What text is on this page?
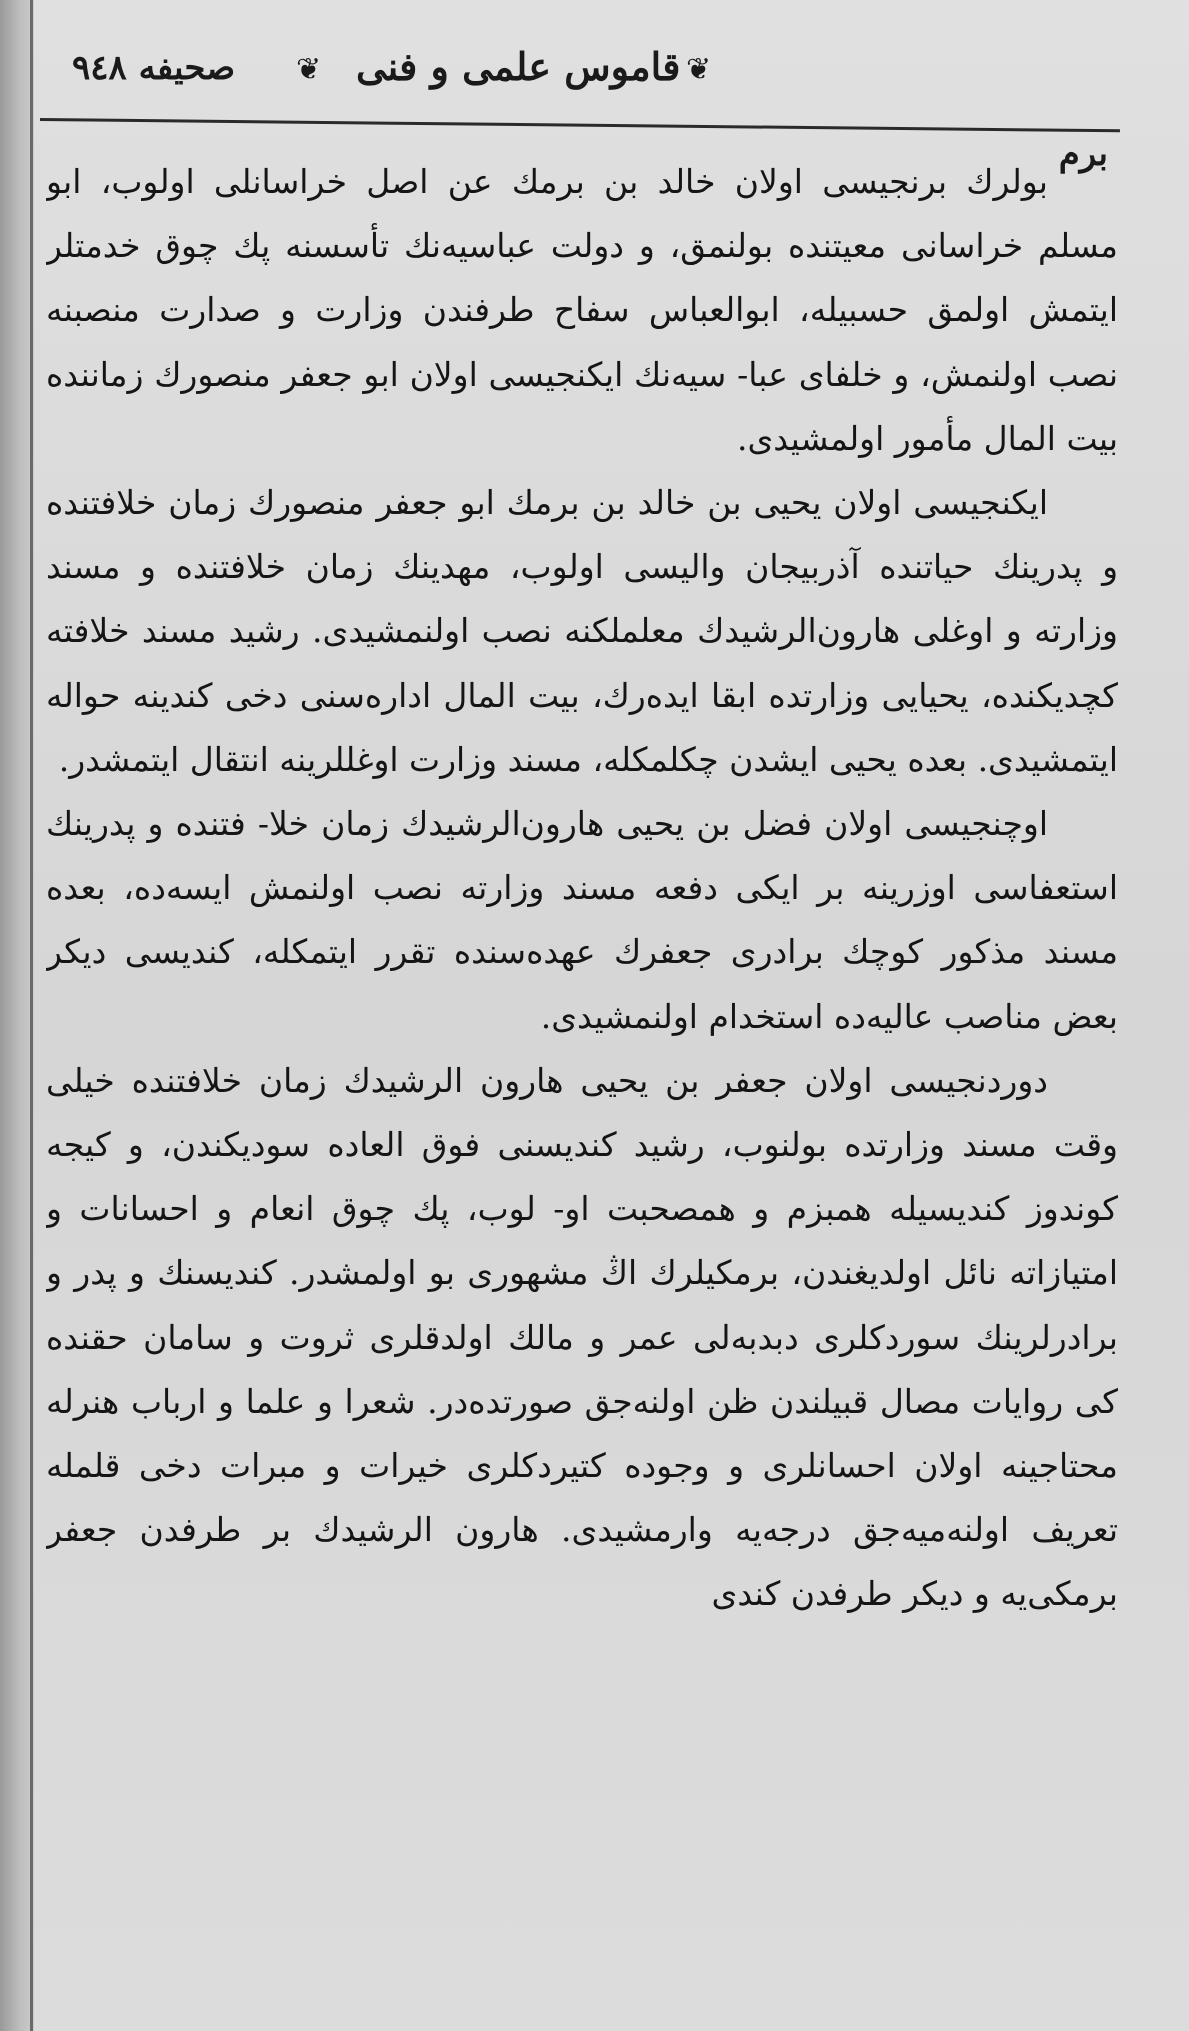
صحیفه ۹٤۸ ❦ قاموس علمی و فنی ❦
برم

بولرك برنجیسی اولان خالد بن برمك عن اصل خراسانلی اولوب، ابو مسلم خراسانی معیتنده بولنمق، و دولت عباسیه‌نك تأسسنه پك چوق خدمتلر ایتمش اولمق حسبیله، ابوالعباس سفاح طرفندن وزارت و صدارت منصبنه نصب اولنمش، و خلفای عبا- سیه‌نك ایكنجیسی اولان ابو جعفر منصورك زماننده بیت المال مأمور اولمشیدی.

ایكنجیسی اولان یحیی بن خالد بن برمك ابو جعفر منصورك زمان خلافتنده و پدرینك حیاتنده آذربیجان والیسی اولوب، مهدینك زمان خلافتنده و مسند وزارته و اوغلی هارون‌الرشیدك معلملكنه نصب اولنمشیدی. رشید مسند خلافته كچدیكنده، یحیایی وزارتده ابقا ایدەرك، بیت المال اداره‌سنی دخی كندینه حواله ایتمشیدی. بعده یحیی ایشدن چكلمكله، مسند وزارت اوغللرینه انتقال ایتمشدر.

اوچنجیسی اولان فضل بن یحیی هارون‌الرشیدك زمان خلا- فتنده و پدرینك استعفاسی اوزرینه بر ایكی دفعه مسند وزارته نصب اولنمش ایسه‌ده، بعده مسند مذكور كوچك برادری جعفرك عهده‌سنده تقرر ایتمكله، كندیسی دیكر بعض مناصب عالیه‌ده استخدام اولنمشیدی.

دوردنجیسی اولان جعفر بن یحیی هارون الرشیدك زمان خلافتنده خیلی وقت مسند وزارتده بولنوب، رشید كندیسنی فوق العاده سودیكندن، و كیجه كوندوز كندیسیله همبزم و همصحبت او- لوب، پك چوق انعام و احسانات و امتیازاته نائل اولدیغندن، برمكیلرك اڭ مشهوری بو اولمشدر. كندیسنك و پدر و برادرلرینك سوردكلری دبدبه‌لی عمر و مالك اولدقلری ثروت و سامان حقنده كی روایات مصال قبیلندن ظن اولنه‌جق صورتده‌در. شعرا و علما و ارباب هنرله محتاجینه اولان احسانلری و وجوده كتیردكلری خیرات و مبرات دخی قلمله تعریف اولنه‌میه‌جق درجه‌یه وارمشیدی. هارون الرشیدك بر طرفدن جعفر برمكی‌یه و دیكر طرفدن كندی
